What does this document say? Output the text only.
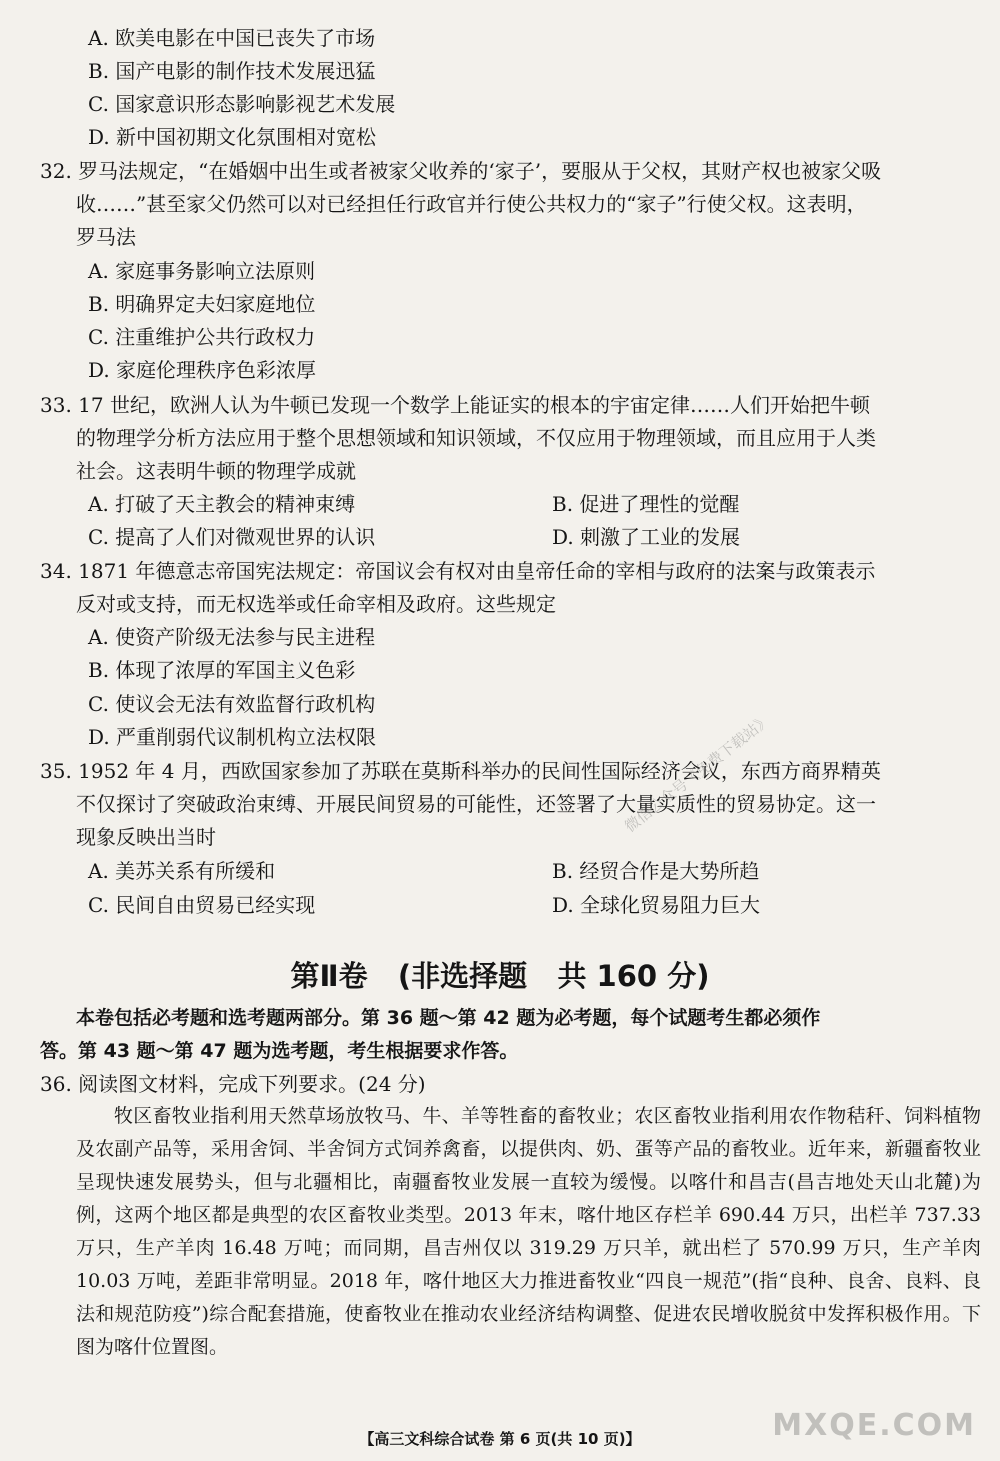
A. 欧美电影在中国已丧失了市场
B. 国产电影的制作技术发展迅猛
C. 国家意识形态影响影视艺术发展
D. 新中国初期文化氛围相对宽松
32. 罗马法规定，“在婚姻中出生或者被家父收养的‘家子’，要服从于父权，其财产权也被家父吸
收……”甚至家父仍然可以对已经担任行政官并行使公共权力的“家子”行使父权。这表明，
罗马法
A. 家庭事务影响立法原则
B. 明确界定夫妇家庭地位
C. 注重维护公共行政权力
D. 家庭伦理秩序色彩浓厚
33. 17 世纪，欧洲人认为牛顿已发现一个数学上能证实的根本的宇宙定律……人们开始把牛顿
的物理学分析方法应用于整个思想领域和知识领域，不仅应用于物理领域，而且应用于人类
社会。这表明牛顿的物理学成就
A. 打破了天主教会的精神束缚	B. 促进了理性的觉醒
C. 提高了人们对微观世界的认识	D. 刺激了工业的发展
34. 1871 年德意志帝国宪法规定：帝国议会有权对由皇帝任命的宰相与政府的法案与政策表示
反对或支持，而无权选举或任命宰相及政府。这些规定
A. 使资产阶级无法参与民主进程
B. 体现了浓厚的军国主义色彩
C. 使议会无法有效监督行政机构
D. 严重削弱代议制机构立法权限
35. 1952 年 4 月，西欧国家参加了苏联在莫斯科举办的民间性国际经济会议，东西方商界精英
不仅探讨了突破政治束缚、开展民间贸易的可能性，还签署了大量实质性的贸易协定。这一
现象反映出当时
A. 美苏关系有所缓和	B. 经贸合作是大势所趋
C. 民间自由贸易已经实现	D. 全球化贸易阻力巨大
第Ⅱ卷   (非选择题   共 160 分)
本卷包括必考题和选考题两部分。第 36 题～第 42 题为必考题，每个试题考生都必须作
答。第 43 题～第 47 题为选考题，考生根据要求作答。
36. 阅读图文材料，完成下列要求。(24 分)
牧区畜牧业指利用天然草场放牧马、牛、羊等牲畜的畜牧业；农区畜牧业指利用农作物秸秆、饲料植物及农副产品等，采用舍饲、半舍饲方式饲养禽畜，以提供肉、奶、蛋等产品的畜牧业。近年来，新疆畜牧业呈现快速发展势头，但与北疆相比，南疆畜牧业发展一直较为缓慢。以喀什和昌吉(昌吉地处天山北麓)为例，这两个地区都是典型的农区畜牧业类型。2013 年末，喀什地区存栏羊 690.44 万只，出栏羊 737.33 万只，生产羊肉 16.48 万吨；而同期，昌吉州仅以 319.29 万只羊，就出栏了 570.99 万只，生产羊肉 10.03 万吨，差距非常明显。2018 年，喀什地区大力推进畜牧业“四良一规范”(指“良种、良舍、良料、良法和规范防疫”)综合配套措施，使畜牧业在推动农业经济结构调整、促进农民增收脱贫中发挥积极作用。下图为喀什位置图。
【高三文科综合试卷 第 6 页(共 10 页)】
微信公众号《免费下载站》
MXQE.COM
